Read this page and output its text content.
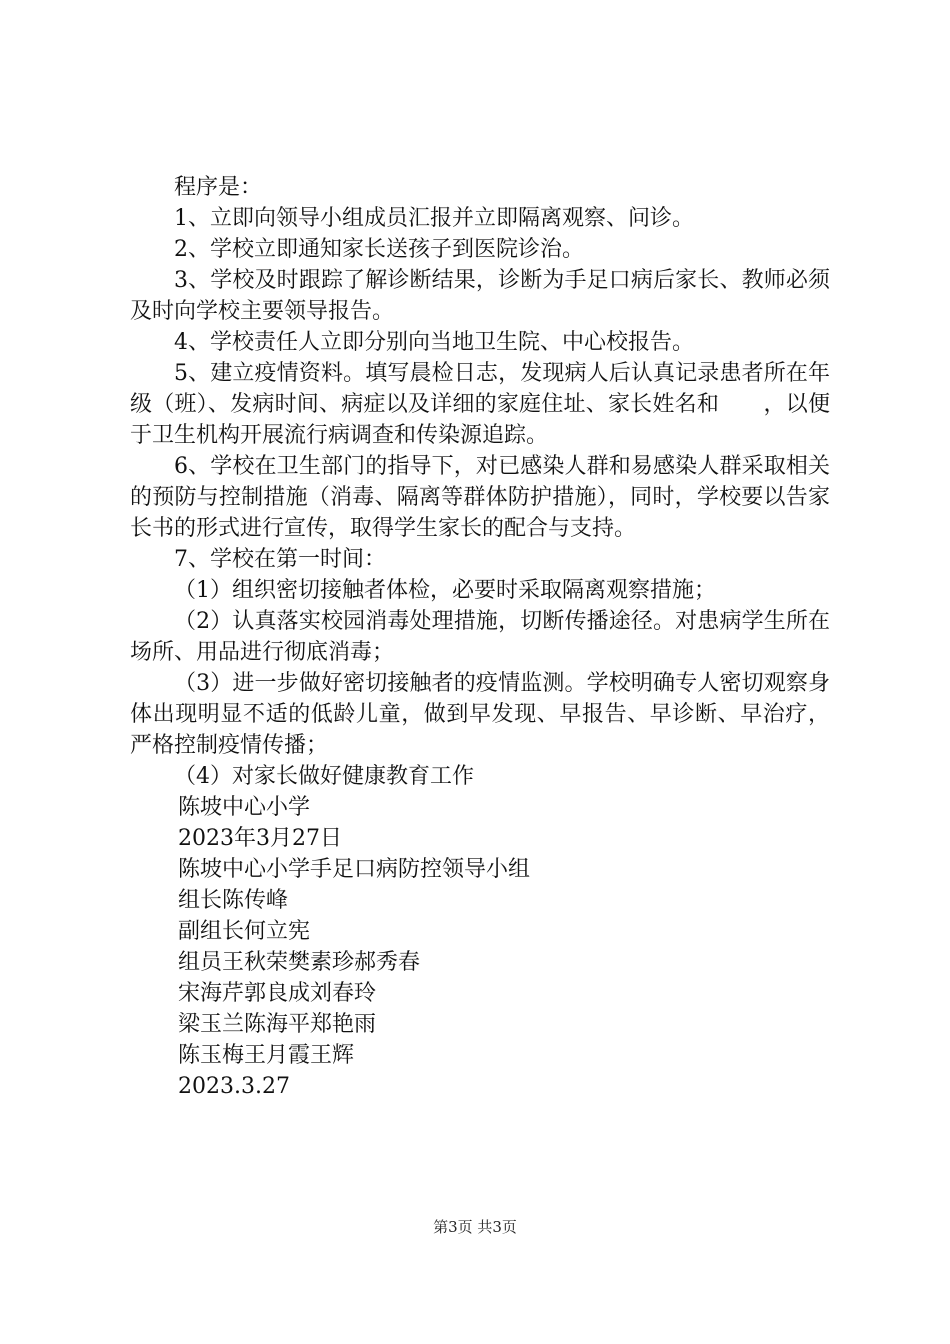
程序是：

1、立即向领导小组成员汇报并立即隔离观察、问诊。

2、学校立即通知家长送孩子到医院诊治。

3、学校及时跟踪了解诊断结果，诊断为手足口病后家长、教师必须及时向学校主要领导报告。

4、学校责任人立即分别向当地卫生院、中心校报告。

5、建立疫情资料。填写晨检日志，发现病人后认真记录患者所在年级（班）、发病时间、病症以及详细的家庭住址、家长姓名和　　，以便于卫生机构开展流行病调查和传染源追踪。

6、学校在卫生部门的指导下，对已感染人群和易感染人群采取相关的预防与控制措施（消毒、隔离等群体防护措施），同时，学校要以告家长书的形式进行宣传，取得学生家长的配合与支持。

7、学校在第一时间：

（1）组织密切接触者体检，必要时采取隔离观察措施；

（2）认真落实校园消毒处理措施，切断传播途径。对患病学生所在场所、用品进行彻底消毒；

（3）进一步做好密切接触者的疫情监测。学校明确专人密切观察身体出现明显不适的低龄儿童，做到早发现、早报告、早诊断、早治疗，严格控制疫情传播；

（4）对家长做好健康教育工作

陈坡中心小学

2023年3月27日

陈坡中心小学手足口病防控领导小组

组长陈传峰

副组长何立宪

组员王秋荣樊素珍郝秀春

宋海芹郭良成刘春玲

梁玉兰陈海平郑艳雨

陈玉梅王月霞王辉

2023.3.27

第3页 共3页
